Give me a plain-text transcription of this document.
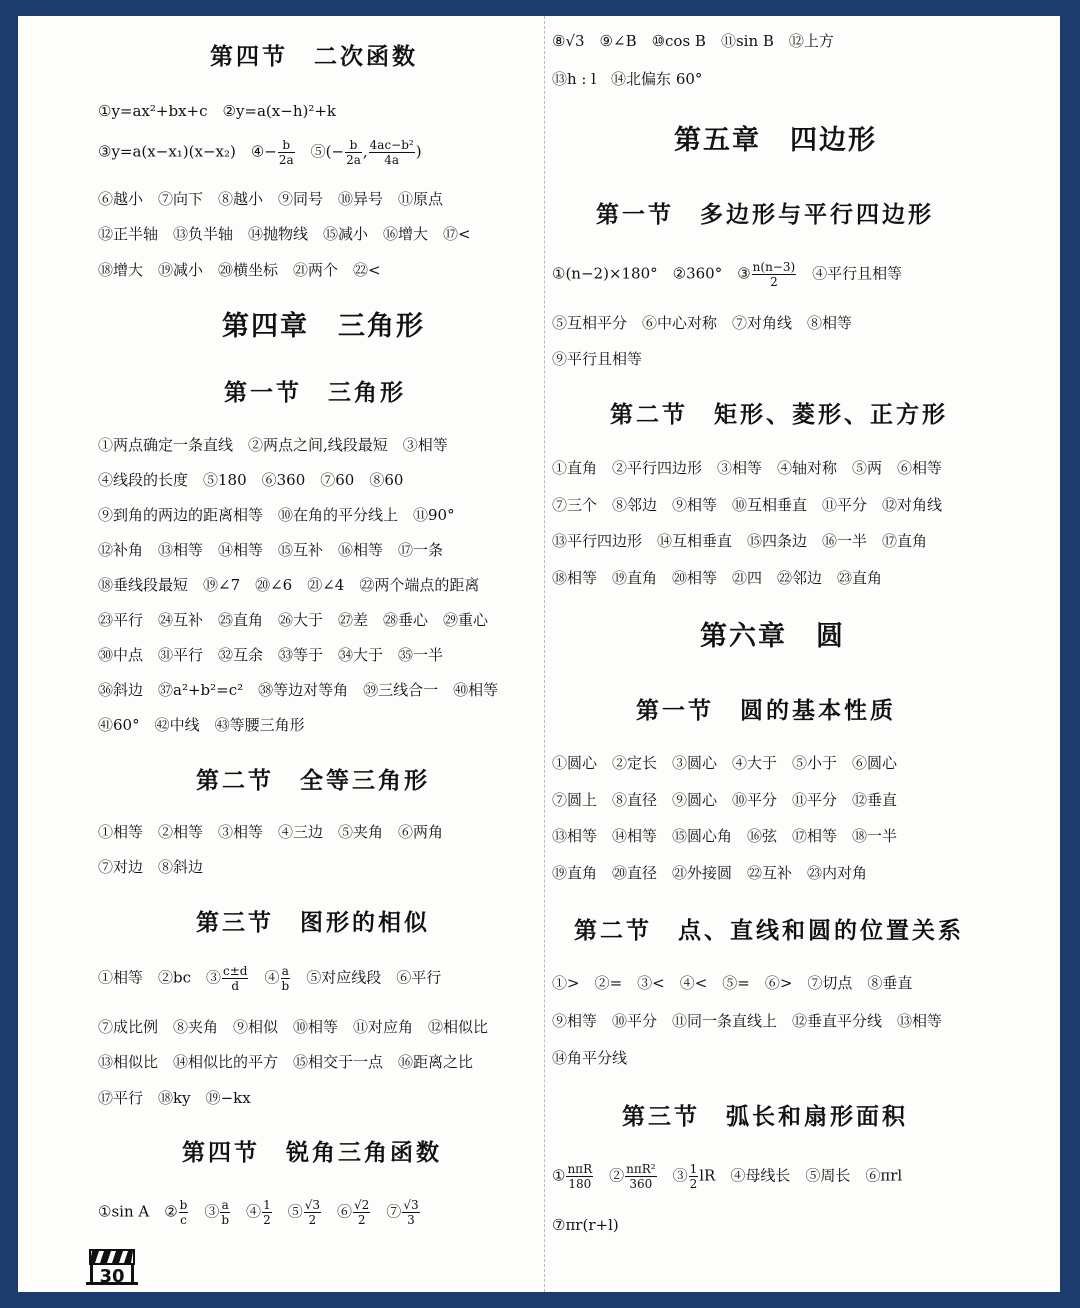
第四节　二次函数
①y=ax²+bx+c　②y=a(x−h)²+k
③y=a(x−x₁)(x−x₂)　④− $\frac{b}{2a}$ 　⑤(− $\frac{b}{2a}$ , $\frac{\text{4ac−b²}}{4a}$ )
⑥越小　⑦向下　⑧越小　⑨同号　⑩异号　⑪原点
⑫正半轴　⑬负半轴　⑭抛物线　⑮减小　⑯增大　⑰<
⑱增大　⑲减小　⑳横坐标　㉑两个　㉒<
第四章　三角形
第一节　三角形
①两点确定一条直线　②两点之间,线段最短　③相等
④线段的长度　⑤180　⑥360　⑦60　⑧60
⑨到角的两边的距离相等　⑩在角的平分线上　⑪90°
⑫补角　⑬相等　⑭相等　⑮互补　⑯相等　⑰一条
⑱垂线段最短　⑲∠7　⑳∠6　㉑∠4　㉒两个端点的距离
㉓平行　㉔互补　㉕直角　㉖大于　㉗差　㉘垂心　㉙重心
㉚中点　㉛平行　㉜互余　㉝等于　㉞大于　㉟一半
㊱斜边　㊲a²+b²=c²　㊳等边对等角　㊴三线合一　㊵相等
㊶60°　㊷中线　㊸等腰三角形
第二节　全等三角形
①相等　②相等　③相等　④三边　⑤夹角　⑥两角
⑦对边　⑧斜边
第三节　图形的相似
①相等　②bc　③ $\frac{c\pm d}{d}$ 　④ $\frac{a}{b}$ 　⑤对应线段　⑥平行
⑦成比例　⑧夹角　⑨相似　⑩相等　⑪对应角　⑫相似比
⑬相似比　⑭相似比的平方　⑮相交于一点　⑯距离之比
⑰平行　⑱ky　⑲−kx
第四节　锐角三角函数
①sin A　② $\frac{b}{c}$ 　③ $\frac{a}{b}$ 　④ $\frac{1}{2}$ 　⑤ $\frac{√3}{2}$ 　⑥ $\frac{√2}{2}$ 　⑦ $\frac{√3}{3}$
⑧√3　⑨∠B　⑩cos B　⑪sin B　⑫上方
⑬h : l　⑭北偏东 60°
第五章　四边形
第一节　多边形与平行四边形
①(n−2)×180°　②360°　③ $\frac{n(n-3)}{2}$ 　④平行且相等
⑤互相平分　⑥中心对称　⑦对角线　⑧相等
⑨平行且相等
第二节　矩形、菱形、正方形
①直角　②平行四边形　③相等　④轴对称　⑤两　⑥相等
⑦三个　⑧邻边　⑨相等　⑩互相垂直　⑪平分　⑫对角线
⑬平行四边形　⑭互相垂直　⑮四条边　⑯一半　⑰直角
⑱相等　⑲直角　⑳相等　㉑四　㉒邻边　㉓直角
第六章　圆
第一节　圆的基本性质
①圆心　②定长　③圆心　④大于　⑤小于　⑥圆心
⑦圆上　⑧直径　⑨圆心　⑩平分　⑪平分　⑫垂直
⑬相等　⑭相等　⑮圆心角　⑯弦　⑰相等　⑱一半
⑲直角　⑳直径　㉑外接圆　㉒互补　㉓内对角
第二节　点、直线和圆的位置关系
①>　②=　③<　④<　⑤=　⑥>　⑦切点　⑧垂直
⑨相等　⑩平分　⑪同一条直线上　⑫垂直平分线　⑬相等
⑭角平分线
第三节　弧长和扇形面积
① nπR
180 　② nπR²
360 　③ $\frac{1}{2}$ lR　④母线长　⑤周长　⑥πrl
⑦πr(r+l)
30
